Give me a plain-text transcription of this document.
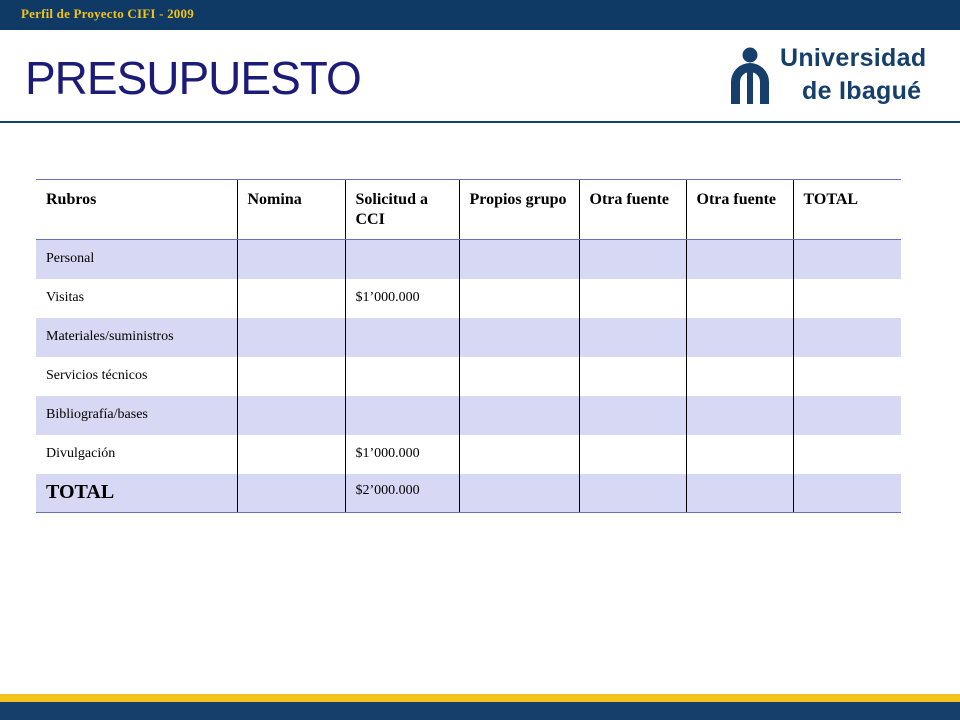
Perfil de Proyecto CIFI - 2009
PRESUPUESTO	Universidad
de Ibagué
Rubros	Nomina	Solicitud a CCI	Propios grupo	Otra fuente	Otra fuente	TOTAL
Personal						
Visitas		$1’000.000				
Materiales/suministros						
Servicios técnicos						
Bibliografía/bases						
Divulgación		$1’000.000				
TOTAL		$2’000.000				
